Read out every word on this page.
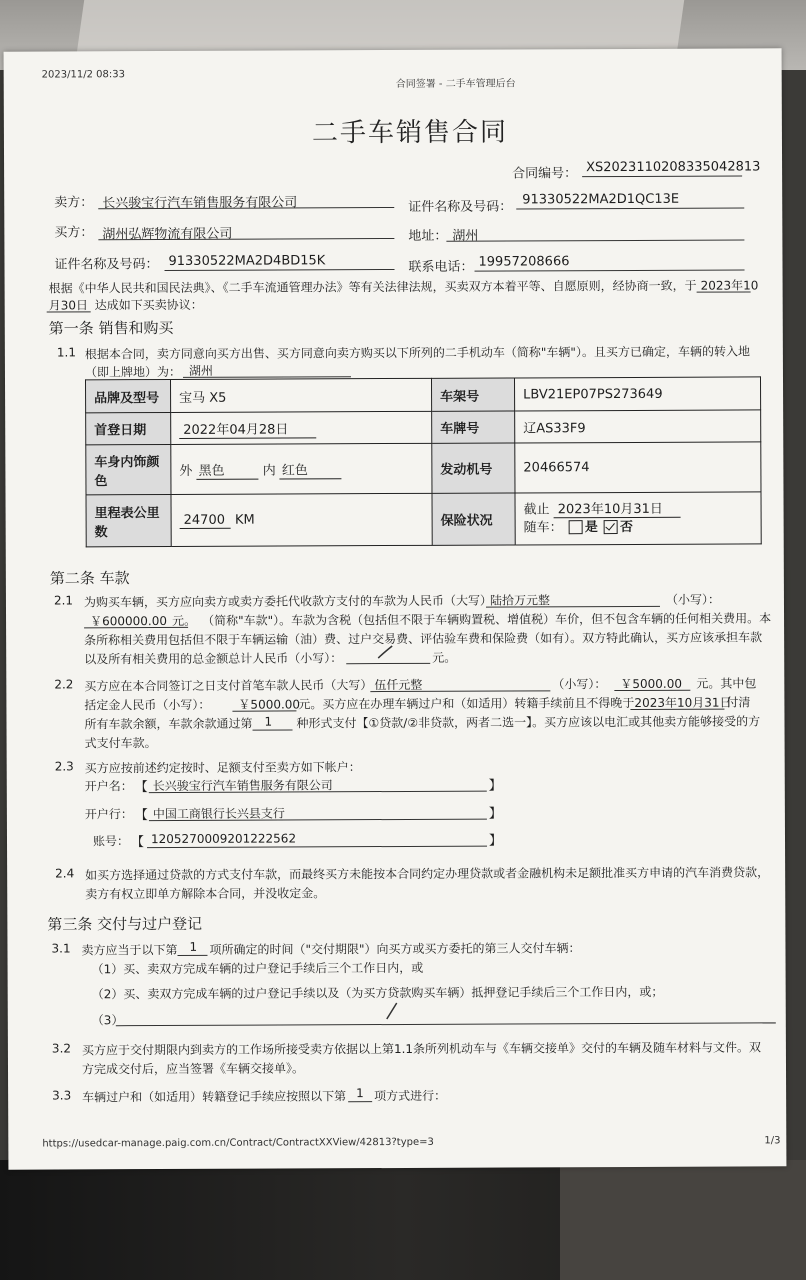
2023/11/2 08:33
合同签署 - 二手车管理后台
二手车销售合同
合同编号： XS2023110208335042813
卖方： 长兴骏宝行汽车销售服务有限公司	证件名称及号码： 91330522MA2D1QC13E
买方： 湖州弘辉物流有限公司	地址： 湖州
证件名称及号码： 91330522MA2D4BD15K	联系电话： 19957208666
根据《中华人民共和国民法典》、《二手车流通管理办法》等有关法律法规，买卖双方本着平等、自愿原则，经协商一致，于 2023年10
月30日 达成如下买卖协议：
第一条 销售和购买
1.1 根据本合同，卖方同意向买方出售、买方同意向卖方购买以下所列的二手机动车（简称"车辆"）。且买方已确定，车辆的转入地
（即上牌地）为： 湖州
品牌及型号	宝马 X5	车架号	LBV21EP07PS273649
首登日期	2022年04月28日	车牌号	辽AS33F9
车身内饰颜色	外 黑色 内 红色	发动机号	20466574
里程表公里数	24700 KM	保险状况	截止 2023年10月31日
随车： 是 否
第二条 车款
2.1 为购买车辆，买方应向卖方或卖方委托代收款方支付的车款为人民币（大写）
陆拾万元整	（小写）：
￥600000.00 元。 （简称"车款"）。车款为含税（包括但不限于车辆购置税、增值税）车价，但不包含车辆的任何相关费用。本
条所称相关费用包括但不限于车辆运输（油）费、过户交易费、评估验车费和保险费（如有）。双方特此确认，买方应该承担车款
以及所有相关费用的总金额总计人民币（小写）：	元。
2.2 买方应在本合同签订之日支付首笔车款人民币（大写） 伍仟元整	（小写）： ￥5000.00 元。其中包
括定金人民币（小写）： ￥5000.00
元。买方应在办理车辆过户和（如适用）转籍手续前且不得晚于 2023年10月31日
付清
所有车款余额，车款余款通过第 1 种形式支付【①贷款/②非贷款，两者二选一】。买方应该以电汇或其他卖方能够接受的方
式支付车款。
2.3 买方应按前述约定按时、足额支付至卖方如下帐户：
开户名： 【 长兴骏宝行汽车销售服务有限公司	】
开户行： 【 中国工商银行长兴县支行	】
账号： 【 1205270009201222562	】
2.4 如买方选择通过贷款的方式支付车款，而最终买方未能按本合同约定办理贷款或者金融机构未足额批准买方申请的汽车消费贷款，
卖方有权立即单方解除本合同，并没收定金。
第三条 交付与过户登记
3.1 卖方应当于以下第 1 项所确定的时间（"交付期限"）向买方或买方委托的第三人交付车辆：
（1）买、卖双方完成车辆的过户登记手续后三个工作日内，或
（2）买、卖双方完成车辆的过户登记手续以及（为买方贷款购买车辆）抵押登记手续后三个工作日内，或；
（3）
3.2 买方应于交付期限内到卖方的工作场所接受卖方依据以上第1.1条所列机动车与《车辆交接单》交付的车辆及随车材料与文件。双
方完成交付后，应当签署《车辆交接单》。
3.3 车辆过户和（如适用）转籍登记手续应按照以下第 1 项方式进行：
https://usedcar-manage.paig.com.cn/Contract/ContractXXView/42813?type=3	1/3
